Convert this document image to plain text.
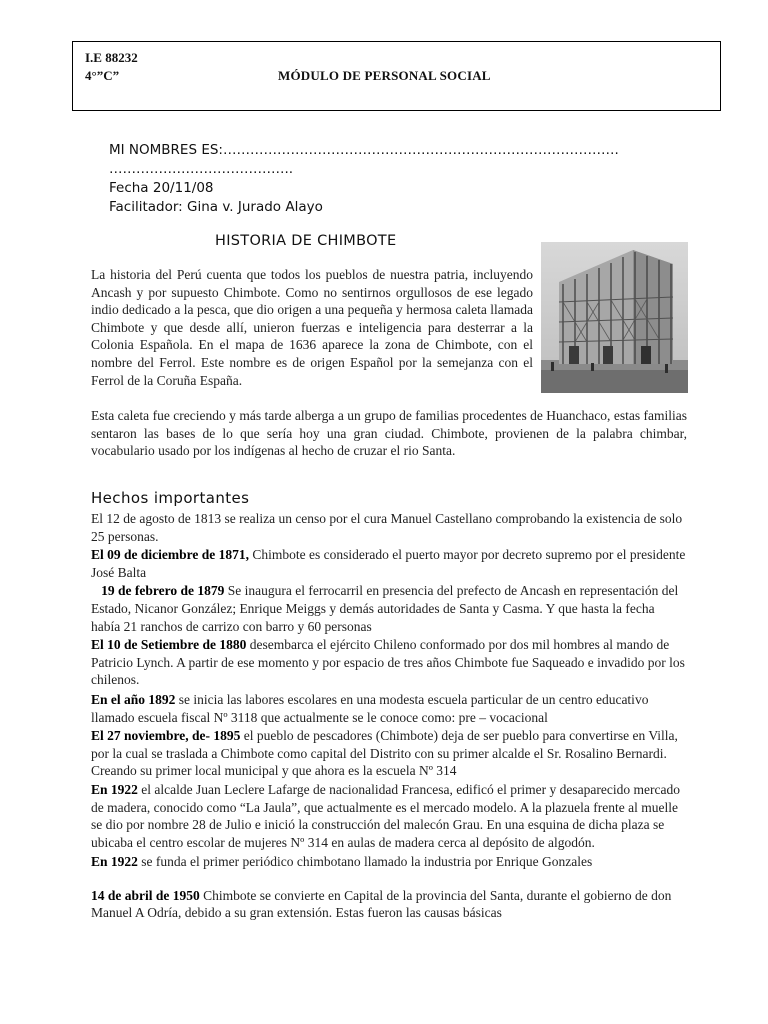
I.E 88232
4°”C”	MÓDULO DE PERSONAL SOCIAL
MI NOMBRES ES:…………………………………………………………………………….
…………………………………..
Fecha 20/11/08
Facilitador: Gina v. Jurado Alayo
HISTORIA DE CHIMBOTE
La historia del Perú cuenta que todos los pueblos de nuestra patria, incluyendo Ancash y por supuesto Chimbote. Como no sentirnos orgullosos de ese legado indio dedicado a la pesca, que dio origen a una pequeña y hermosa caleta llamada Chimbote y que desde allí, unieron fuerzas e inteligencia para desterrar a la Colonia Española. En el mapa de 1636 aparece la zona de Chimbote, con el nombre del Ferrol. Este nombre es de origen Español por la semejanza con el Ferrol de la Coruña España.
Esta caleta fue creciendo y más tarde alberga a un grupo de familias procedentes de Huanchaco, estas familias sentaron las bases de lo que sería hoy una gran ciudad. Chimbote, provienen de la palabra chimbar, vocabulario usado por los indígenas al hecho de cruzar el rio Santa.
Hechos importantes

El 12 de agosto de 1813 se realiza un censo por el cura Manuel Castellano comprobando la existencia de solo 25 personas.

El 09 de diciembre de 1871, Chimbote es considerado el puerto mayor por decreto supremo por el presidente José Balta

19 de febrero de 1879 Se inaugura el ferrocarril en presencia del prefecto de Ancash en representación del Estado, Nicanor González; Enrique Meiggs y demás autoridades de Santa y Casma. Y que hasta la fecha había 21 ranchos de carrizo con barro y 60 personas

El 10 de Setiembre de 1880 desembarca el ejército Chileno conformado por dos mil hombres al mando de Patricio Lynch. A partir de ese momento y por espacio de tres años Chimbote fue Saqueado e invadido por los chilenos.

En el año 1892 se inicia las labores escolares en una modesta escuela particular de un centro educativo llamado escuela fiscal Nº 3118 que actualmente se le conoce como: pre – vocacional

El 27 noviembre, de- 1895 el pueblo de pescadores (Chimbote) deja de ser pueblo para convertirse en Villa, por la cual se traslada a Chimbote como capital del Distrito con su primer alcalde el Sr. Rosalino Bernardi. Creando su primer local municipal y que ahora es la escuela Nº 314

En 1922 el alcalde Juan Leclere Lafarge de nacionalidad Francesa, edificó el primer y desaparecido mercado de madera, conocido como “La Jaula”, que actualmente es el mercado modelo. A la plazuela frente al muelle se dio por nombre 28 de Julio e inició la construcción del malecón Grau. En una esquina de dicha plaza se ubicaba el centro escolar de mujeres Nº 314 en aulas de madera cerca al depósito de algodón.

En 1922 se funda el primer periódico chimbotano llamado la industria por Enrique Gonzales

14 de abril de 1950 Chimbote se convierte en Capital de la provincia del Santa, durante el gobierno de don Manuel A Odría, debido a su gran extensión. Estas fueron las causas básicas
